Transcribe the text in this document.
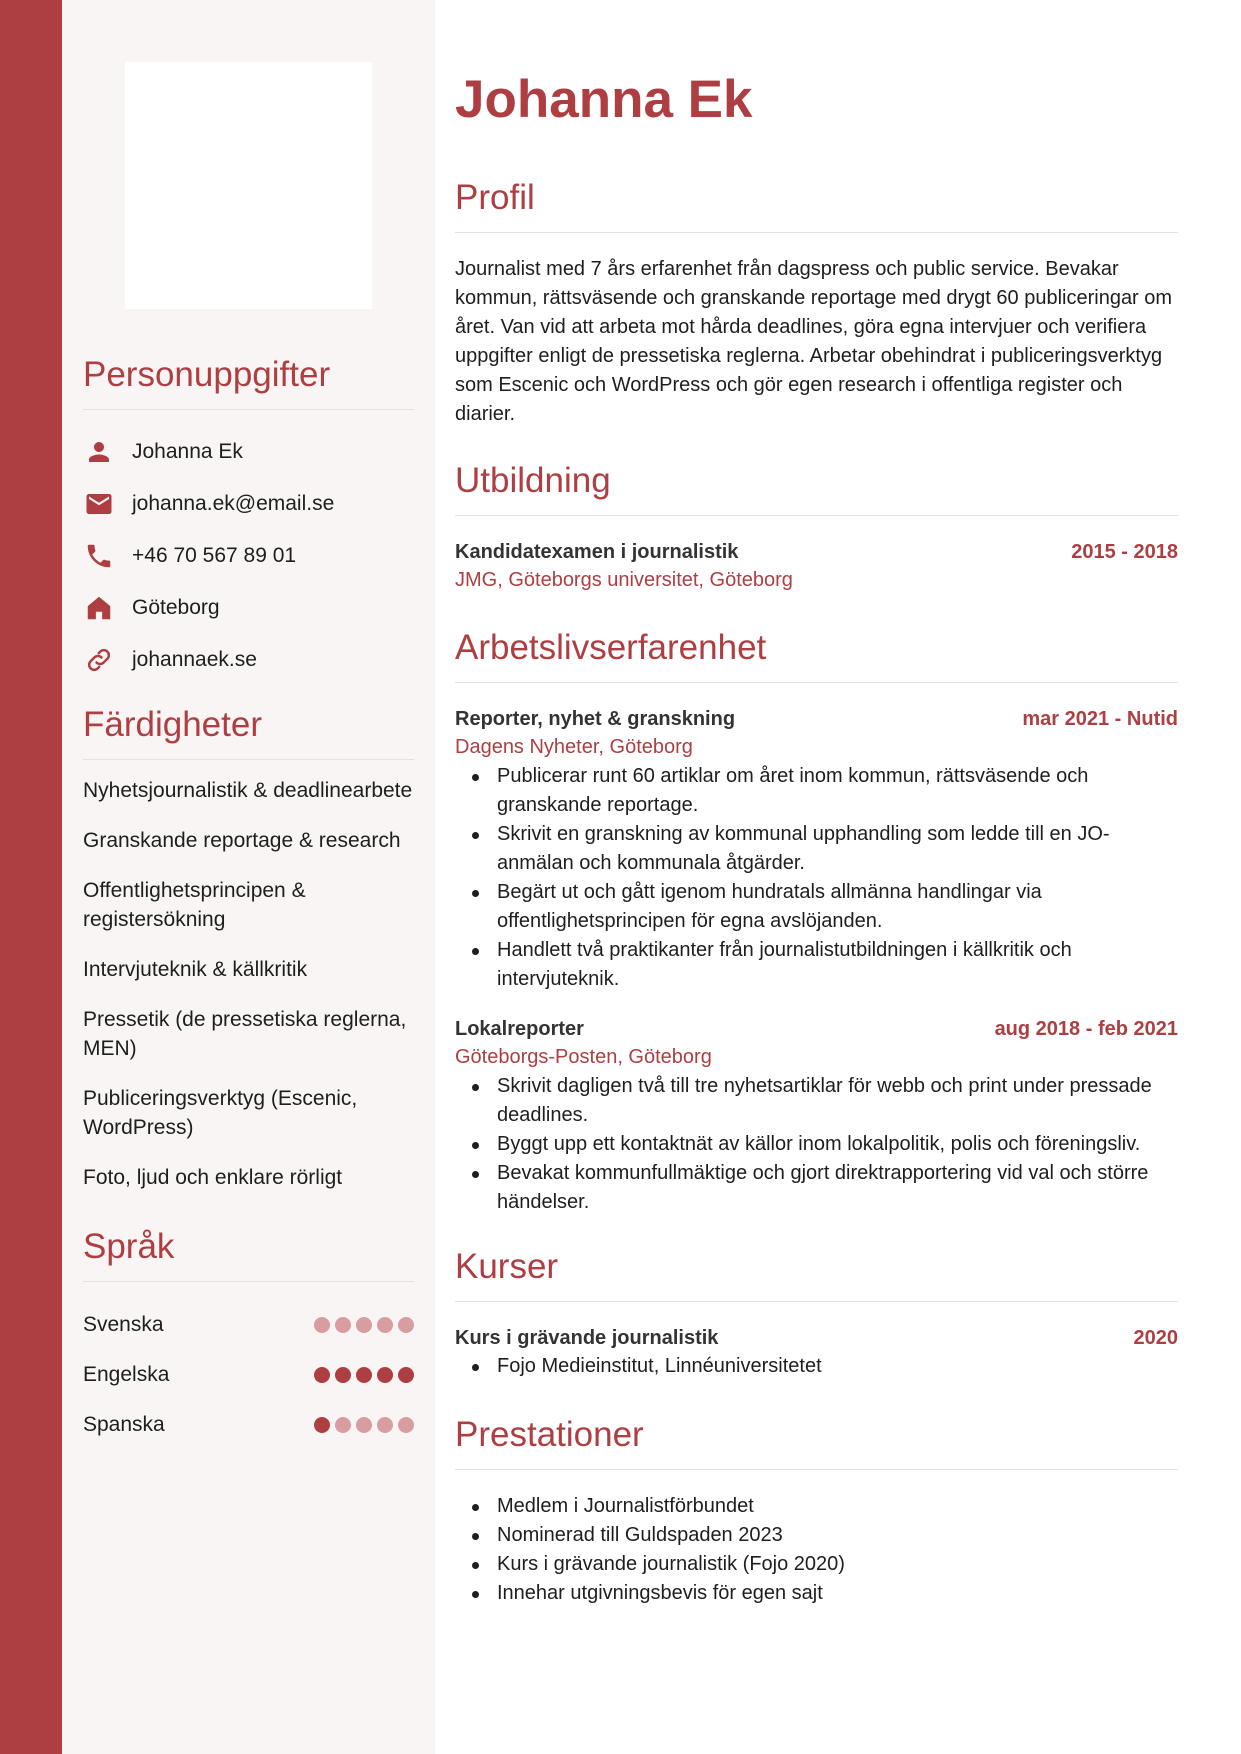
Personuppgifter
Johanna Ek
johanna.ek@email.se
+46 70 567 89 01
Göteborg
johannaek.se
Färdigheter
Nyhetsjournalistik & deadlinearbete
Granskande reportage & research
Offentlighetsprincipen & registersökning
Intervjuteknik & källkritik
Pressetik (de pressetiska reglerna, MEN)
Publiceringsverktyg (Escenic, WordPress)
Foto, ljud och enklare rörligt
Språk
Svenska
Engelska
Spanska
Johanna Ek
Profil

Journalist med 7 års erfarenhet från dagspress och public service. Bevakar kommun, rättsväsende och granskande reportage med drygt 60 publiceringar om året. Van vid att arbeta mot hårda deadlines, göra egna intervjuer och verifiera uppgifter enligt de pressetiska reglerna. Arbetar obehindrat i publiceringsverktyg som Escenic och WordPress och gör egen research i offentliga register och diarier.

Utbildning
Kandidatexamen i journalistik	2015 - 2018
JMG, Göteborgs universitet, Göteborg
Arbetslivserfarenhet
Reporter, nyhet & granskning	mar 2021 - Nutid
Dagens Nyheter, Göteborg
Publicerar runt 60 artiklar om året inom kommun, rättsväsende och granskande reportage.
Skrivit en granskning av kommunal upphandling som ledde till en JO-anmälan och kommunala åtgärder.
Begärt ut och gått igenom hundratals allmänna handlingar via offentlighetsprincipen för egna avslöjanden.
Handlett två praktikanter från journalistutbildningen i källkritik och intervjuteknik.
Lokalreporter	aug 2018 - feb 2021
Göteborgs-Posten, Göteborg
Skrivit dagligen två till tre nyhetsartiklar för webb och print under pressade deadlines.
Byggt upp ett kontaktnät av källor inom lokalpolitik, polis och föreningsliv.
Bevakat kommunfullmäktige och gjort direktrapportering vid val och större händelser.
Kurser
Kurs i grävande journalistik	2020
Fojo Medieinstitut, Linnéuniversitetet
Prestationer
Medlem i Journalistförbundet
Nominerad till Guldspaden 2023
Kurs i grävande journalistik (Fojo 2020)
Innehar utgivningsbevis för egen sajt
